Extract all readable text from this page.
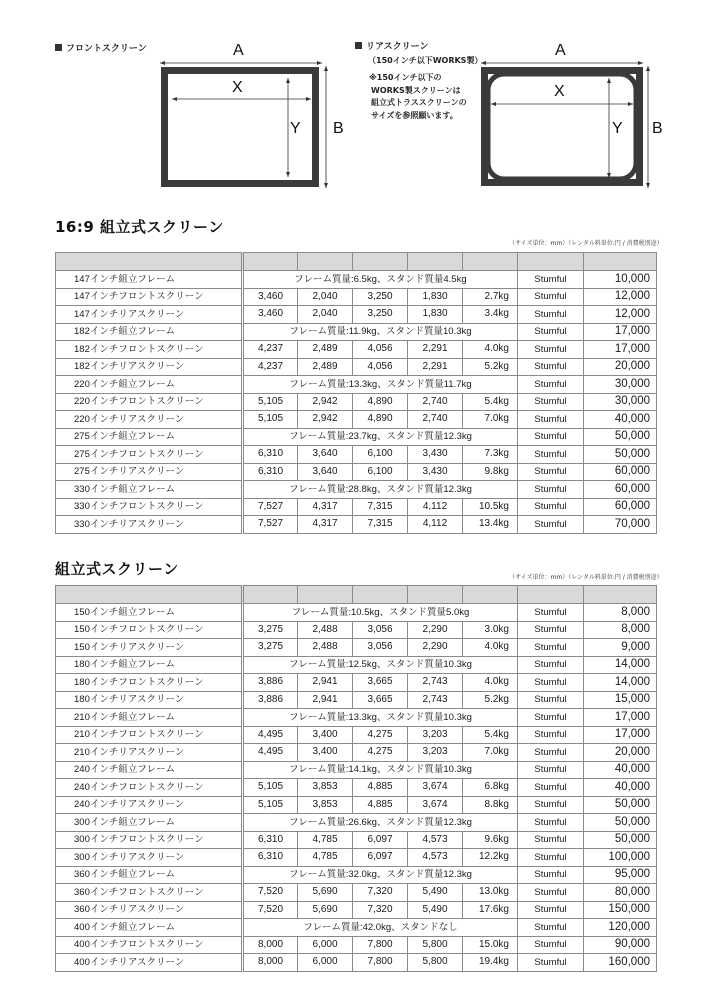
フロントスクリーン	リアスクリーン
（150インチ以下WORKS製）
※150インチ以下の
WORKS製スクリーンは
組立式トラススクリーンの
サイズを参照願います。
A
B
X
Y
A
B
X
Y
16:9 組立式スクリーン
（サイズ単位：mm）（レンタル料単位:円 / 消費税別途）

147インチ組立フレーム	フレーム質量:6.5kg、スタンド質量4.5kg					Stumful	10,000
147インチフロントスクリーン	3,460	2,040	3,250	1,830	2.7kg	Stumful	12,000
147インチリアスクリーン	3,460	2,040	3,250	1,830	3.4kg	Stumful	12,000
182インチ組立フレーム	フレーム質量:11.9kg、スタンド質量10.3kg					Stumful	17,000
182インチフロントスクリーン	4,237	2,489	4,056	2,291	4.0kg	Stumful	17,000
182インチリアスクリーン	4,237	2,489	4,056	2,291	5.2kg	Stumful	20,000
220インチ組立フレーム	フレーム質量:13.3kg、スタンド質量11.7kg					Stumful	30,000
220インチフロントスクリーン	5,105	2,942	4,890	2,740	5.4kg	Stumful	30,000
220インチリアスクリーン	5,105	2,942	4,890	2,740	7.0kg	Stumful	40,000
275インチ組立フレーム	フレーム質量:23.7kg、スタンド質量12.3kg					Stumful	50,000
275インチフロントスクリーン	6,310	3,640	6,100	3,430	7.3kg	Stumful	50,000
275インチリアスクリーン	6,310	3,640	6,100	3,430	9.8kg	Stumful	60,000
330インチ組立フレーム	フレーム質量:28.8kg、スタンド質量12.3kg					Stumful	60,000
330インチフロントスクリーン	7,527	4,317	7,315	4,112	10.5kg	Stumful	60,000
330インチリアスクリーン	7,527	4,317	7,315	4,112	13.4kg	Stumful	70,000
組立式スクリーン	（サイズ単位：mm）（レンタル料単位:円 / 消費税別途）

150インチ組立フレーム	フレーム質量:10.5kg、スタンド質量5.0kg					Stumful	8,000
150インチフロントスクリーン	3,275	2,488	3,056	2,290	3.0kg	Stumful	8,000
150インチリアスクリーン	3,275	2,488	3,056	2,290	4.0kg	Stumful	9,000
180インチ組立フレーム	フレーム質量:12.5kg、スタンド質量10.3kg					Stumful	14,000
180インチフロントスクリーン	3,886	2,941	3,665	2,743	4.0kg	Stumful	14,000
180インチリアスクリーン	3,886	2,941	3,665	2,743	5.2kg	Stumful	15,000
210インチ組立フレーム	フレーム質量:13.3kg、スタンド質量10.3kg					Stumful	17,000
210インチフロントスクリーン	4,495	3,400	4,275	3,203	5.4kg	Stumful	17,000
210インチリアスクリーン	4,495	3,400	4,275	3,203	7.0kg	Stumful	20,000
240インチ組立フレーム	フレーム質量:14.1kg、スタンド質量10.3kg					Stumful	40,000
240インチフロントスクリーン	5,105	3,853	4,885	3,674	6.8kg	Stumful	40,000
240インチリアスクリーン	5,105	3,853	4,885	3,674	8.8kg	Stumful	50,000
300インチ組立フレーム	フレーム質量:26.6kg、スタンド質量12.3kg					Stumful	50,000
300インチフロントスクリーン	6,310	4,785	6,097	4,573	9.6kg	Stumful	50,000
300インチリアスクリーン	6,310	4,785	6,097	4,573	12.2kg	Stumful	100,000
360インチ組立フレーム	フレーム質量:32.0kg、スタンド質量12.3kg					Stumful	95,000
360インチフロントスクリーン	7,520	5,690	7,320	5,490	13.0kg	Stumful	80,000
360インチリアスクリーン	7,520	5,690	7,320	5,490	17.6kg	Stumful	150,000
400インチ組立フレーム	フレーム質量:42.0kg、スタンドなし					Stumful	120,000
400インチフロントスクリーン	8,000	6,000	7,800	5,800	15.0kg	Stumful	90,000
400インチリアスクリーン	8,000	6,000	7,800	5,800	19.4kg	Stumful	160,000
